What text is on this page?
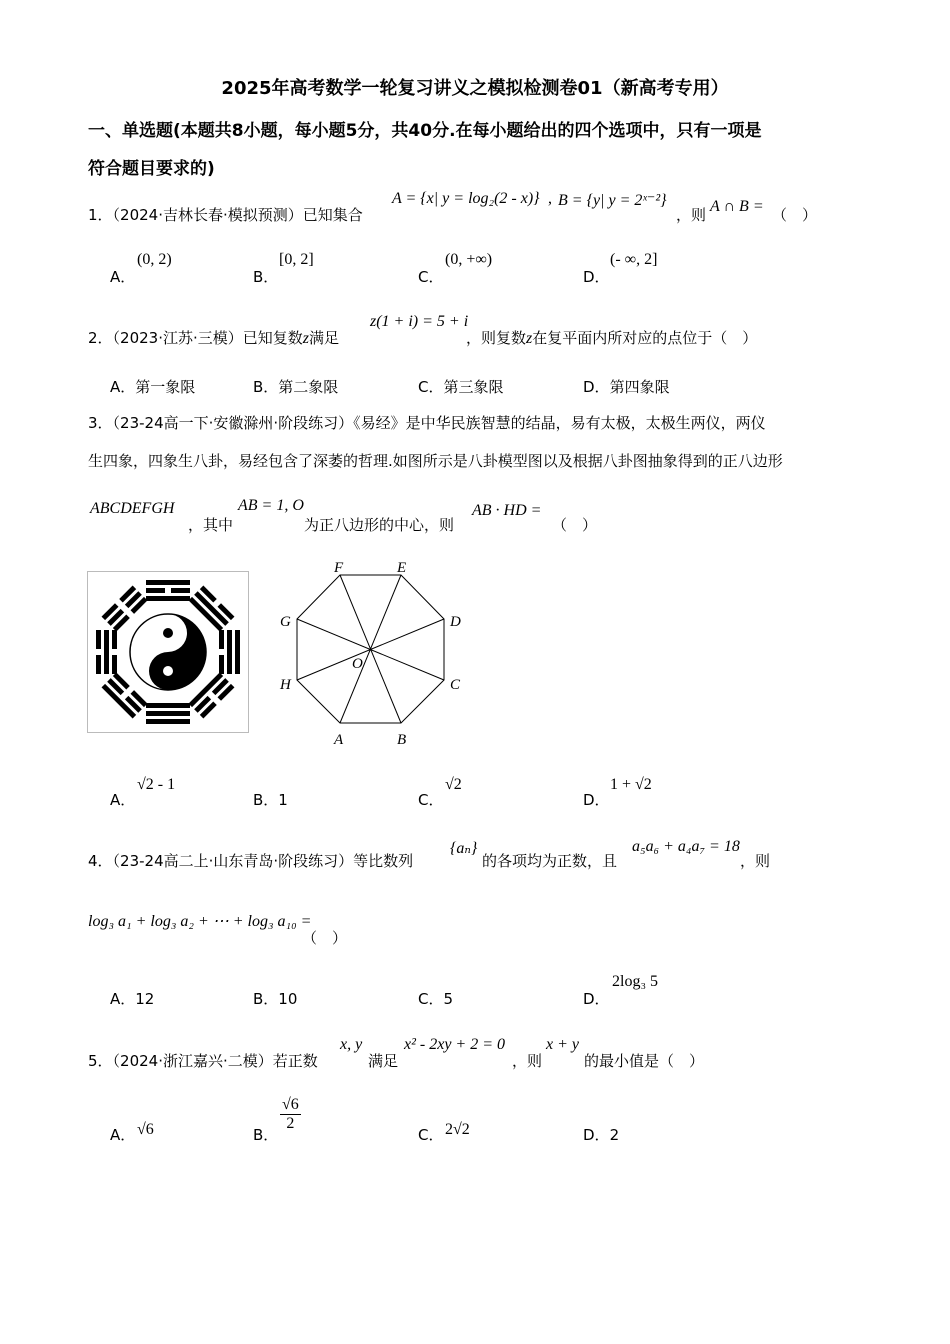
2025年高考数学一轮复习讲义之模拟检测卷01（新高考专用）
一、单选题(本题共8小题，每小题5分，共40分.在每小题给出的四个选项中，只有一项是
符合题目要求的)
1．（2024·吉林长春·模拟预测）已知集合
A = {x| y = log₂(2 - x)} , B = {y| y = 2ˣ⁻²}
，则 A ∩ B = （　）
A．
(0, 2)
B．
[0, 2]
C．
(0, +∞)
D．
(- ∞, 2]
2．（2023·江苏·三模）已知复数z满足
z(1 + i) = 5 + i
，则复数z在复平面内所对应的点位于（　）
A．第一象限	B．第二象限	C．第三象限	D．第四象限
3．（23-24高一下·安徽滁州·阶段练习）《易经》是中华民族智慧的结晶，易有太极，太极生两仪，两仪
生四象，四象生八卦，易经包含了深萎的哲理.如图所示是八卦模型图以及根据八卦图抽象得到的正八边形
ABCDEFGH
，其中
AB = 1, O
为正八边形的中心，则
AB · HD =
（　）
F	E
D
C
B
A
H
G
O
A．
√2 - 1
B．1	C．
√2
D．
1 + √2
4．（23-24高二上·山东青岛·阶段练习）等比数列
{aₙ}
的各项均为正数，且
a₅a₆ + a₄a₇ = 18
，则
log₃ a₁ + log₃ a₂ + ⋯ + log₃ a₁₀ =
（　）
A．12	B．10	C．5	D．
2log₃ 5
5．（2024·浙江嘉兴·二模）若正数
x, y
满足
x² - 2xy + 2 = 0
，则
x + y
的最小值是（　）
A． √6	B．
$\frac{√6}{2}$
C． 2√2	D．2
